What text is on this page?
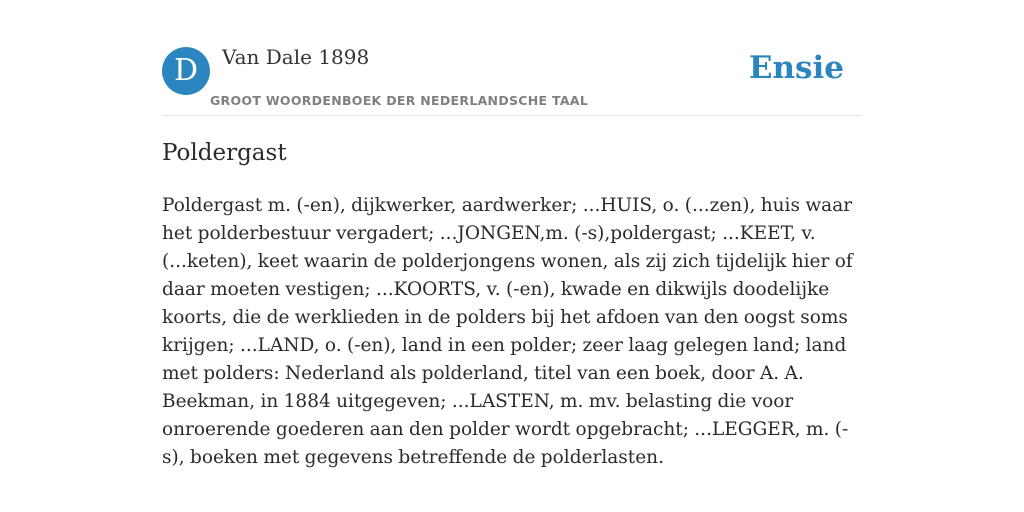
D	Van Dale 1898
GROOT WOORDENBOEK DER NEDERLANDSCHE TAAL
Ensie
Poldergast

Poldergast m. (-en), dijkwerker, aardwerker; ...HUIS, o. (...zen), huis waar het polderbestuur vergadert; ...JONGEN,m. (-s),poldergast; ...KEET, v. (...keten), keet waarin de polderjongens wonen, als zij zich tijdelijk hier of daar moeten vestigen; ...KOORTS, v. (-en), kwade en dikwijls doodelijke koorts, die de werklieden in de polders bij het afdoen van den oogst soms krijgen; ...LAND, o. (-en), land in een polder; zeer laag gelegen land; land met polders: Nederland als polderland, titel van een boek, door A. A. Beekman, in 1884 uitgegeven; ...LASTEN, m. mv. belasting die voor onroerende goederen aan den polder wordt opgebracht; ...LEGGER, m. (-s), boeken met gegevens betreffende de polderlasten.
